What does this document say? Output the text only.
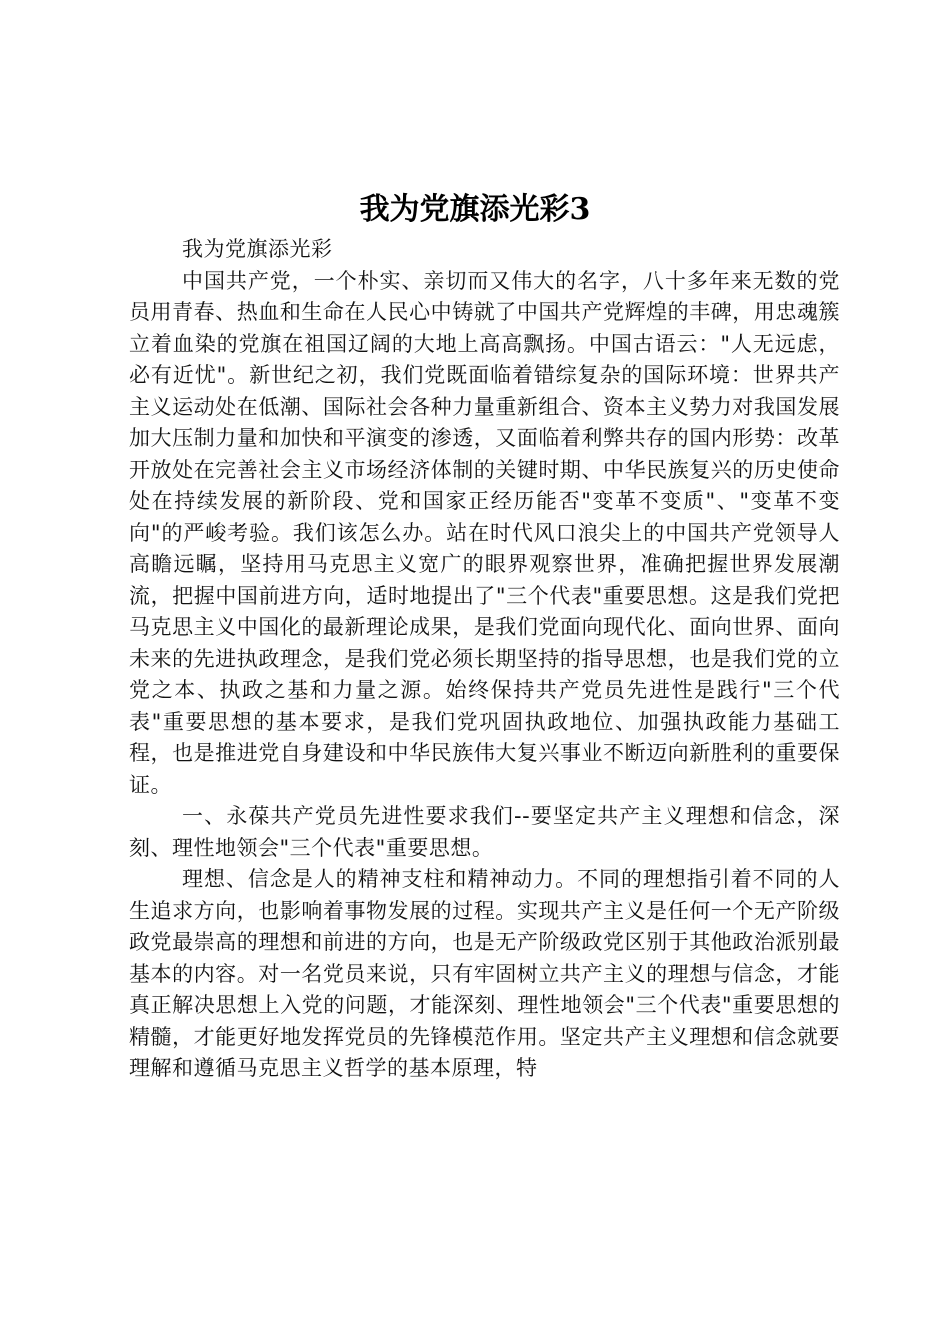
我为党旗添光彩3

我为党旗添光彩

中国共产党，一个朴实、亲切而又伟大的名字，八十多年来无数的党员用青春、热血和生命在人民心中铸就了中国共产党辉煌的丰碑，用忠魂簇立着血染的党旗在祖国辽阔的大地上高高飘扬。中国古语云："人无远虑，必有近忧"。新世纪之初，我们党既面临着错综复杂的国际环境：世界共产主义运动处在低潮、国际社会各种力量重新组合、资本主义势力对我国发展加大压制力量和加快和平演变的渗透，又面临着利弊共存的国内形势：改革开放处在完善社会主义市场经济体制的关键时期、中华民族复兴的历史使命处在持续发展的新阶段、党和国家正经历能否"变革不变质"、"变革不变向"的严峻考验。我们该怎么办。站在时代风口浪尖上的中国共产党领导人高瞻远瞩，坚持用马克思主义宽广的眼界观察世界，准确把握世界发展潮流，把握中国前进方向，适时地提出了"三个代表"重要思想。这是我们党把马克思主义中国化的最新理论成果，是我们党面向现代化、面向世界、面向未来的先进执政理念，是我们党必须长期坚持的指导思想，也是我们党的立党之本、执政之基和力量之源。始终保持共产党员先进性是践行"三个代表"重要思想的基本要求，是我们党巩固执政地位、加强执政能力基础工程，也是推进党自身建设和中华民族伟大复兴事业不断迈向新胜利的重要保证。

一、永葆共产党员先进性要求我们--要坚定共产主义理想和信念，深刻、理性地领会"三个代表"重要思想。

理想、信念是人的精神支柱和精神动力。不同的理想指引着不同的人生追求方向，也影响着事物发展的过程。实现共产主义是任何一个无产阶级政党最崇高的理想和前进的方向，也是无产阶级政党区别于其他政治派别最基本的内容。对一名党员来说，只有牢固树立共产主义的理想与信念，才能真正解决思想上入党的问题，才能深刻、理性地领会"三个代表"重要思想的精髓，才能更好地发挥党员的先锋模范作用。坚定共产主义理想和信念就要理解和遵循马克思主义哲学的基本原理，特
